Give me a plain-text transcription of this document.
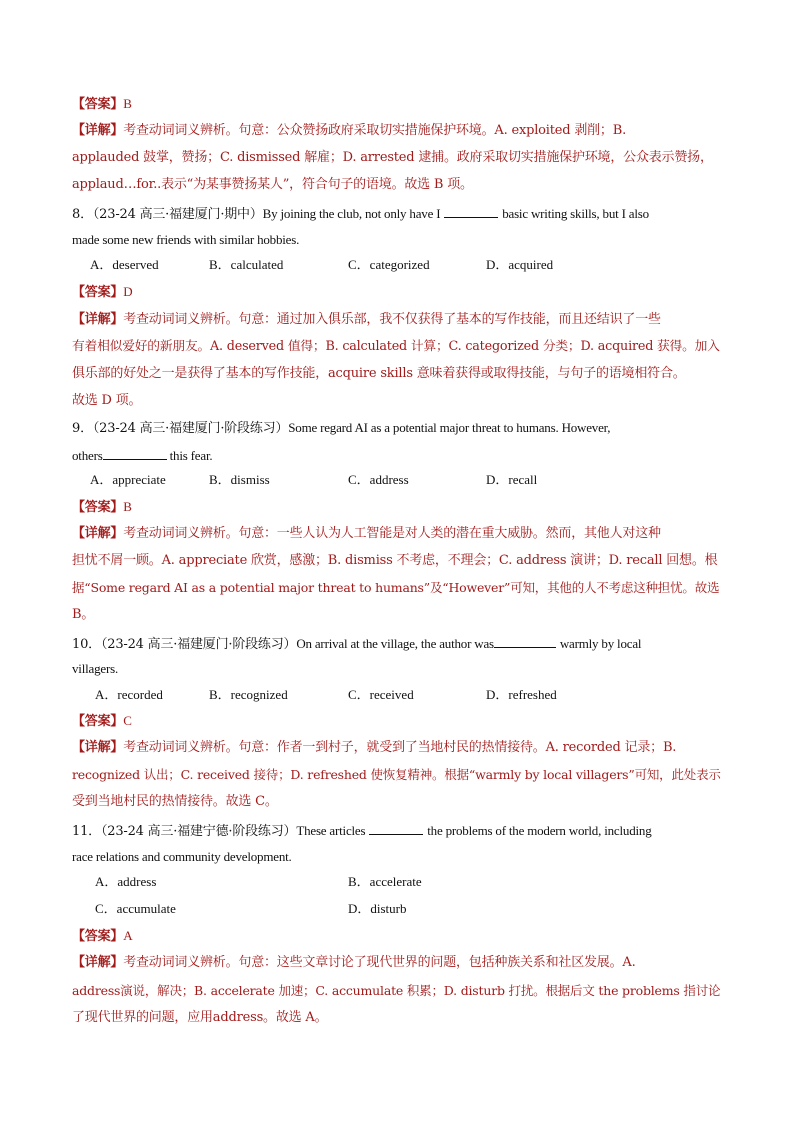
【答案】B
【详解】考查动词词义辨析。句意：公众赞扬政府采取切实措施保护环境。A. exploited 剥削；B.
applauded 鼓掌，赞扬；C. dismissed 解雇；D. arrested 逮捕。政府采取切实措施保护环境，公众表示赞扬，
applaud…for..表示“为某事赞扬某人”，符合句子的语境。故选 B 项。
8．（23-24 高三·福建厦门·期中）By joining the club, not only have I	basic writing skills, but I also
made some new friends with similar hobbies.
A．deserved	B．calculated	C．categorized	D．acquired
【答案】D
【详解】考查动词词义辨析。句意：通过加入俱乐部，我不仅获得了基本的写作技能，而且还结识了一些
有着相似爱好的新朋友。A. deserved 值得；B. calculated 计算；C. categorized 分类；D. acquired 获得。加入
俱乐部的好处之一是获得了基本的写作技能，acquire skills 意味着获得或取得技能，与句子的语境相符合。
故选 D 项。
9．（23-24 高三·福建厦门·阶段练习）Some regard AI as a potential major threat to humans. However,
others	this fear.
A．appreciate	B．dismiss	C．address	D．recall
【答案】B
【详解】考查动词词义辨析。句意：一些人认为人工智能是对人类的潜在重大威胁。然而，其他人对这种
担忧不屑一顾。A. appreciate 欣赏，感激；B. dismiss 不考虑，不理会；C. address 演讲；D. recall 回想。根
据“Some regard AI as a potential major threat to humans”及“However”可知，其他的人不考虑这种担忧。故选
B。
10．（23-24 高三·福建厦门·阶段练习）On arrival at the village, the author was	warmly by local
villagers.
A．recorded	B．recognized	C．received	D．refreshed
【答案】C
【详解】考查动词词义辨析。句意：作者一到村子，就受到了当地村民的热情接待。A. recorded 记录；B.
recognized 认出；C. received 接待；D. refreshed 使恢复精神。根据“warmly by local villagers”可知，此处表示
受到当地村民的热情接待。故选 C。
11．（23-24 高三·福建宁德·阶段练习）These articles	the problems of the modern world, including
race relations and community development.
A．address	B．accelerate
C．accumulate	D．disturb
【答案】A
【详解】考查动词词义辨析。句意：这些文章讨论了现代世界的问题，包括种族关系和社区发展。A.
address演说，解决；B. accelerate 加速；C. accumulate 积累；D. disturb 打扰。根据后文 the problems 指讨论
了现代世界的问题，应用address。故选 A。
